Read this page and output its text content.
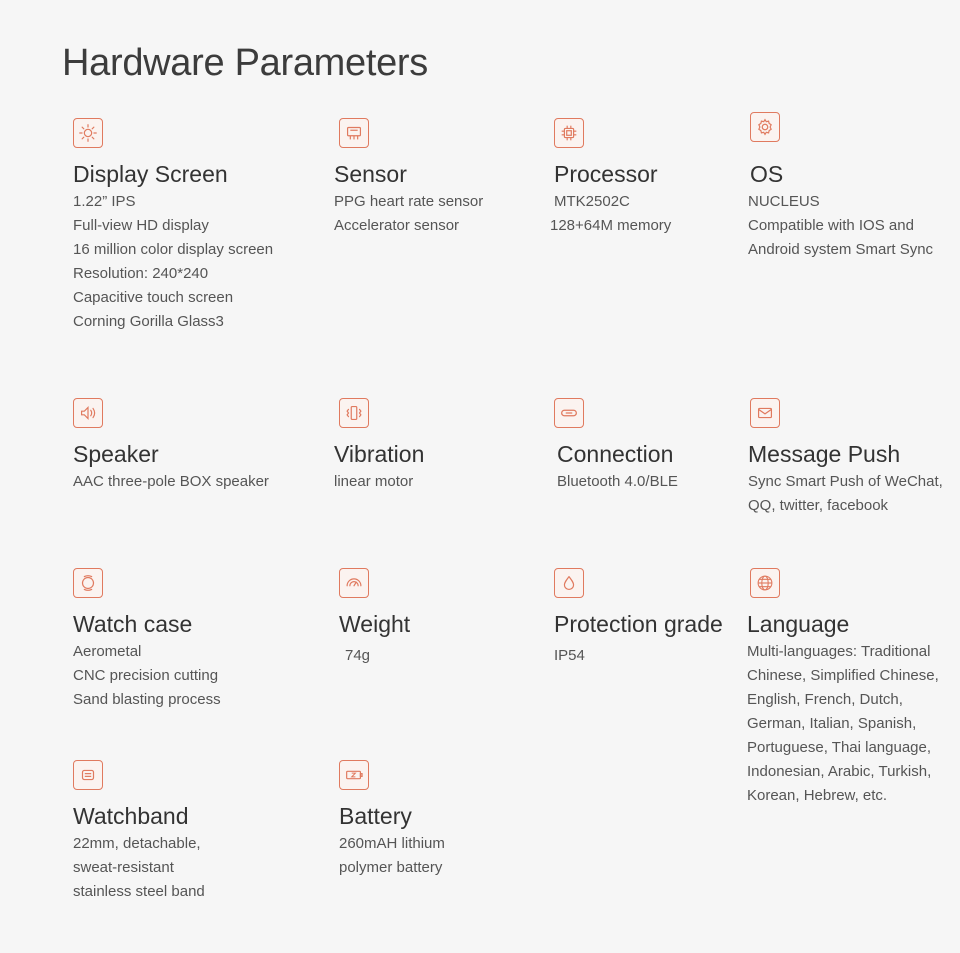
Hardware Parameters
Display Screen
1.22” IPS
Full-view HD display
16 million color display screen
Resolution: 240*240
Capacitive touch screen
Corning Gorilla Glass3
Sensor
PPG heart rate sensor
Accelerator sensor
Processor
MTK2502C
128+64M memory
OS
NUCLEUS
Compatible with IOS and
Android system Smart Sync
Speaker
AAC three-pole BOX speaker
Vibration
linear motor
Connection
Bluetooth 4.0/BLE
Message Push
Sync Smart Push of WeChat,
QQ, twitter, facebook
Watch case
Aerometal
CNC precision cutting
Sand blasting process
Weight
74g
Protection grade
IP54
Language
Multi-languages: Traditional
Chinese, Simplified Chinese,
English, French, Dutch,
German, Italian, Spanish,
Portuguese, Thai language,
Indonesian, Arabic, Turkish,
Korean, Hebrew, etc.
Watchband
22mm, detachable,
sweat-resistant
stainless steel band
Battery
260mAH lithium
polymer battery
